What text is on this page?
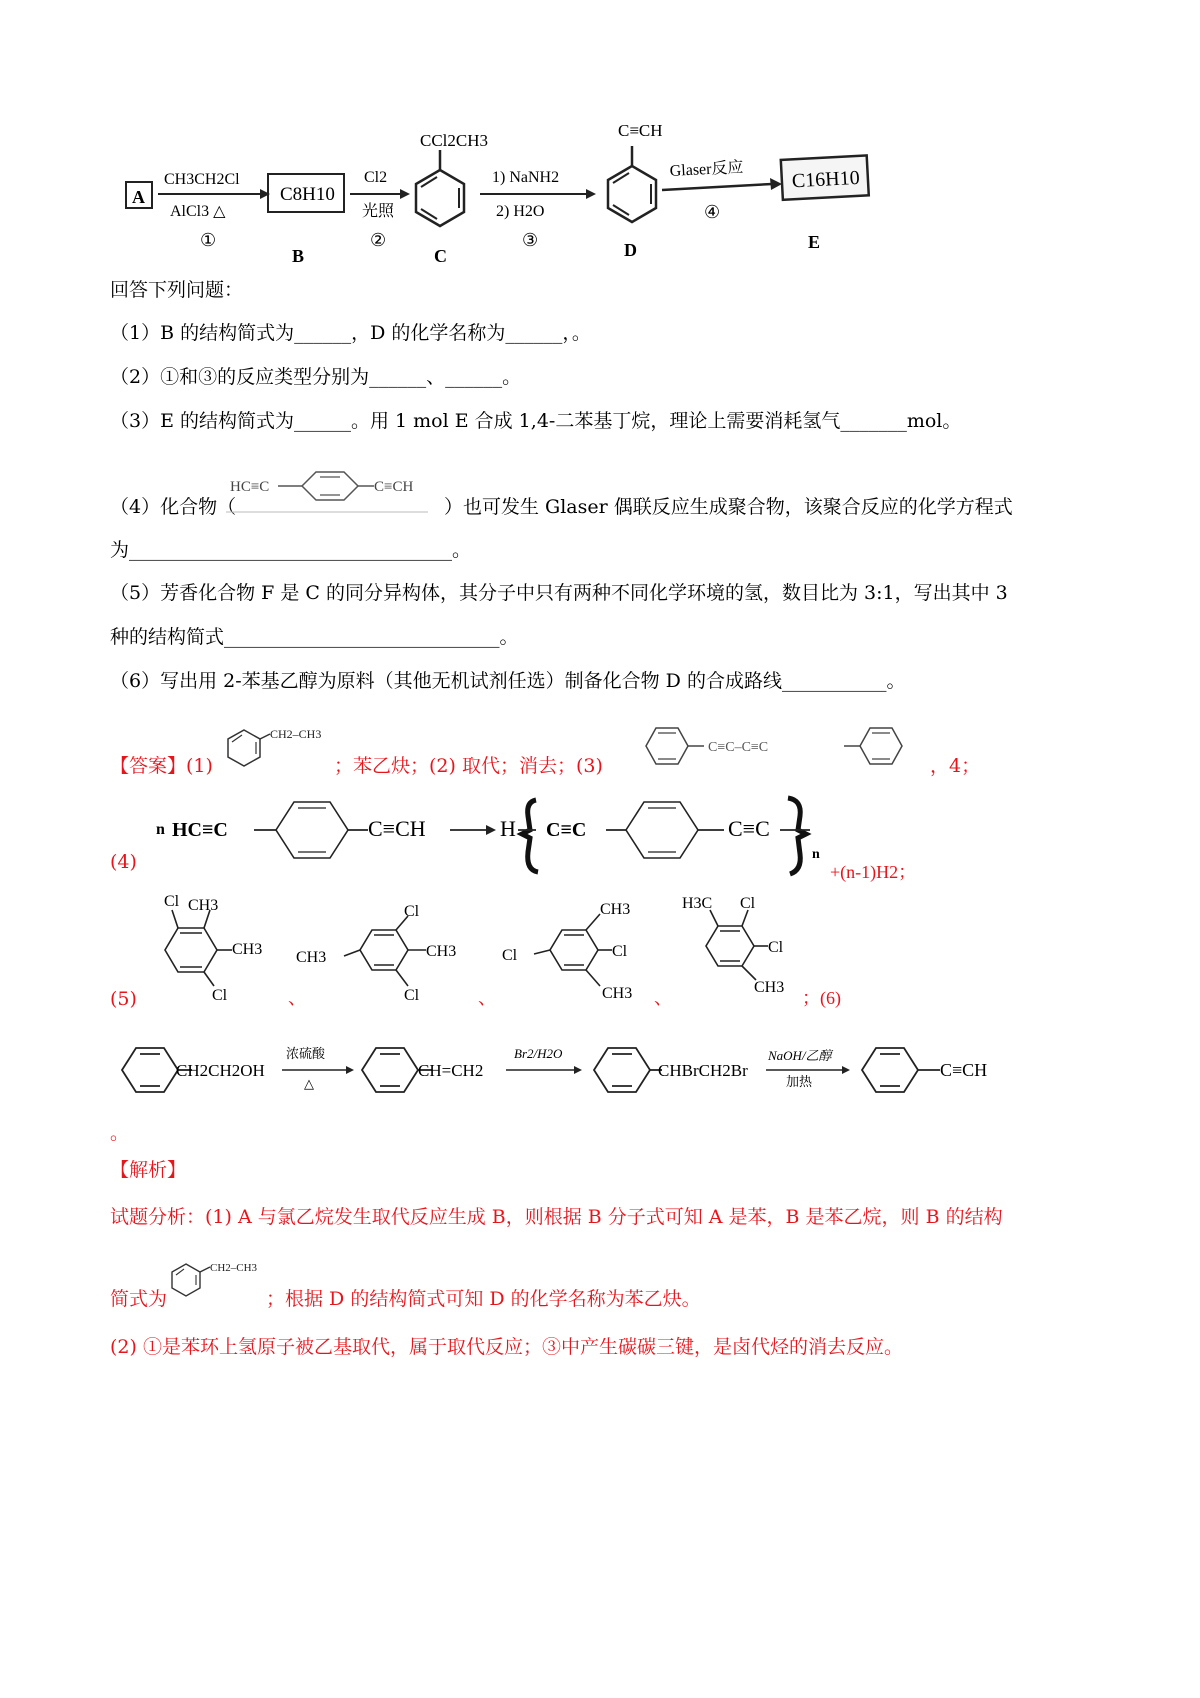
A
CH3CH2Cl
AlCl3 △
①
C8H10
B
Cl2
光照
②
CCl2CH3
C
1) NaNH2
2) H2O
③
C≡CH
D
Glaser反应
④
C16H10
E
回答下列问题：
（1）B 的结构简式为______，D 的化学名称为______，。
（2）①和③的反应类型分别为______、______。
（3）E 的结构简式为______。用 1 mol E 合成 1,4-二苯基丁烷，理论上需要消耗氢气_______mol。
（4）化合物（
HC≡C	C≡CH
）也可发生 Glaser 偶联反应生成聚合物，该聚合反应的化学方程式
为__________________________________。
（5）芳香化合物 F 是 C 的同分异构体，其分子中只有两种不同化学环境的氢，数目比为 3:1，写出其中 3
种的结构简式_____________________________。
（6）写出用 2-苯基乙醇为原料（其他无机试剂任选）制备化合物 D 的合成路线___________。
【答案】(1)
CH2–CH3
；苯乙炔；(2) 取代；消去；(3)
C≡C–C≡C
，4；
(4)
n HC≡C	C≡CH	H C≡C	C≡C
n
+(n-1)H2；
(5)
Cl CH3
CH3
Cl	、
Cl
CH3	CH3
Cl	、
CH3
Cl	Cl
CH3 、
H3C Cl
Cl
CH3
；(6)
CH2CH2OH
浓硫酸
△
CH=CH2
Br2/H2O
CHBrCH2Br
NaOH/乙醇
加热
C≡CH
。
【解析】
试题分析：(1) A 与氯乙烷发生取代反应生成 B，则根据 B 分子式可知 A 是苯，B 是苯乙烷，则 B 的结构
简式为
CH2–CH3
；根据 D 的结构简式可知 D 的化学名称为苯乙炔。
(2) ①是苯环上氢原子被乙基取代，属于取代反应；③中产生碳碳三键，是卤代烃的消去反应。
